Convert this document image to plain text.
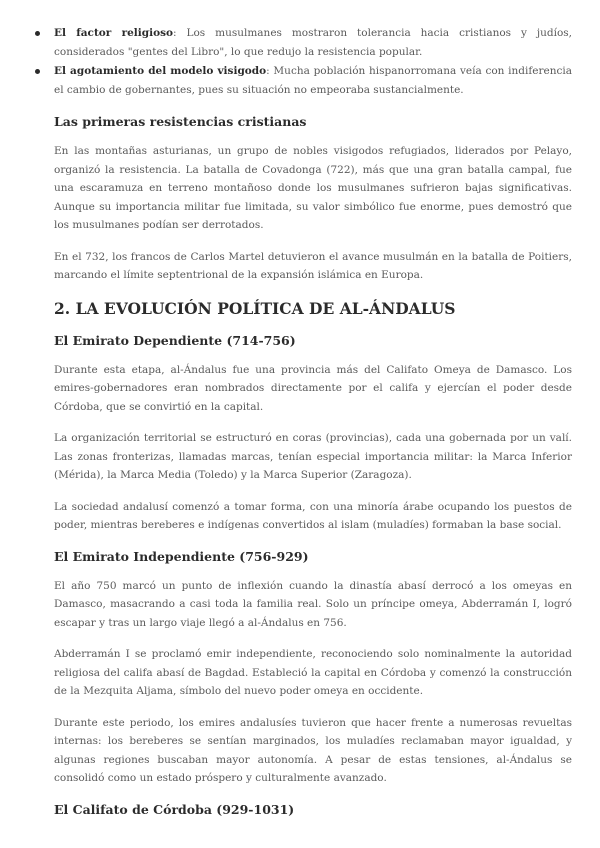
El factor religioso: Los musulmanes mostraron tolerancia hacia cristianos y judíos, considerados "gentes del Libro", lo que redujo la resistencia popular.
El agotamiento del modelo visigodo: Mucha población hispanorromana veía con indiferencia el cambio de gobernantes, pues su situación no empeoraba sustancialmente.
Las primeras resistencias cristianas

En las montañas asturianas, un grupo de nobles visigodos refugiados, liderados por Pelayo, organizó la resistencia. La batalla de Covadonga (722), más que una gran batalla campal, fue una escaramuza en terreno montañoso donde los musulmanes sufrieron bajas significativas. Aunque su importancia militar fue limitada, su valor simbólico fue enorme, pues demostró que los musulmanes podían ser derrotados.

En el 732, los francos de Carlos Martel detuvieron el avance musulmán en la batalla de Poitiers, marcando el límite septentrional de la expansión islámica en Europa.

2. LA EVOLUCIÓN POLÍTICA DE AL-ÁNDALUS
El Emirato Dependiente (714-756)

Durante esta etapa, al-Ándalus fue una provincia más del Califato Omeya de Damasco. Los emires-gobernadores eran nombrados directamente por el califa y ejercían el poder desde Córdoba, que se convirtió en la capital.

La organización territorial se estructuró en coras (provincias), cada una gobernada por un valí. Las zonas fronterizas, llamadas marcas, tenían especial importancia militar: la Marca Inferior (Mérida), la Marca Media (Toledo) y la Marca Superior (Zaragoza).

La sociedad andalusí comenzó a tomar forma, con una minoría árabe ocupando los puestos de poder, mientras bereberes e indígenas convertidos al islam (muladíes) formaban la base social.

El Emirato Independiente (756-929)

El año 750 marcó un punto de inflexión cuando la dinastía abasí derrocó a los omeyas en Damasco, masacrando a casi toda la familia real. Solo un príncipe omeya, Abderramán I, logró escapar y tras un largo viaje llegó a al-Ándalus en 756.

Abderramán I se proclamó emir independiente, reconociendo solo nominalmente la autoridad religiosa del califa abasí de Bagdad. Estableció la capital en Córdoba y comenzó la construcción de la Mezquita Aljama, símbolo del nuevo poder omeya en occidente.

Durante este periodo, los emires andalusíes tuvieron que hacer frente a numerosas revueltas internas: los bereberes se sentían marginados, los muladíes reclamaban mayor igualdad, y algunas regiones buscaban mayor autonomía. A pesar de estas tensiones, al-Ándalus se consolidó como un estado próspero y culturalmente avanzado.

El Califato de Córdoba (929-1031)
